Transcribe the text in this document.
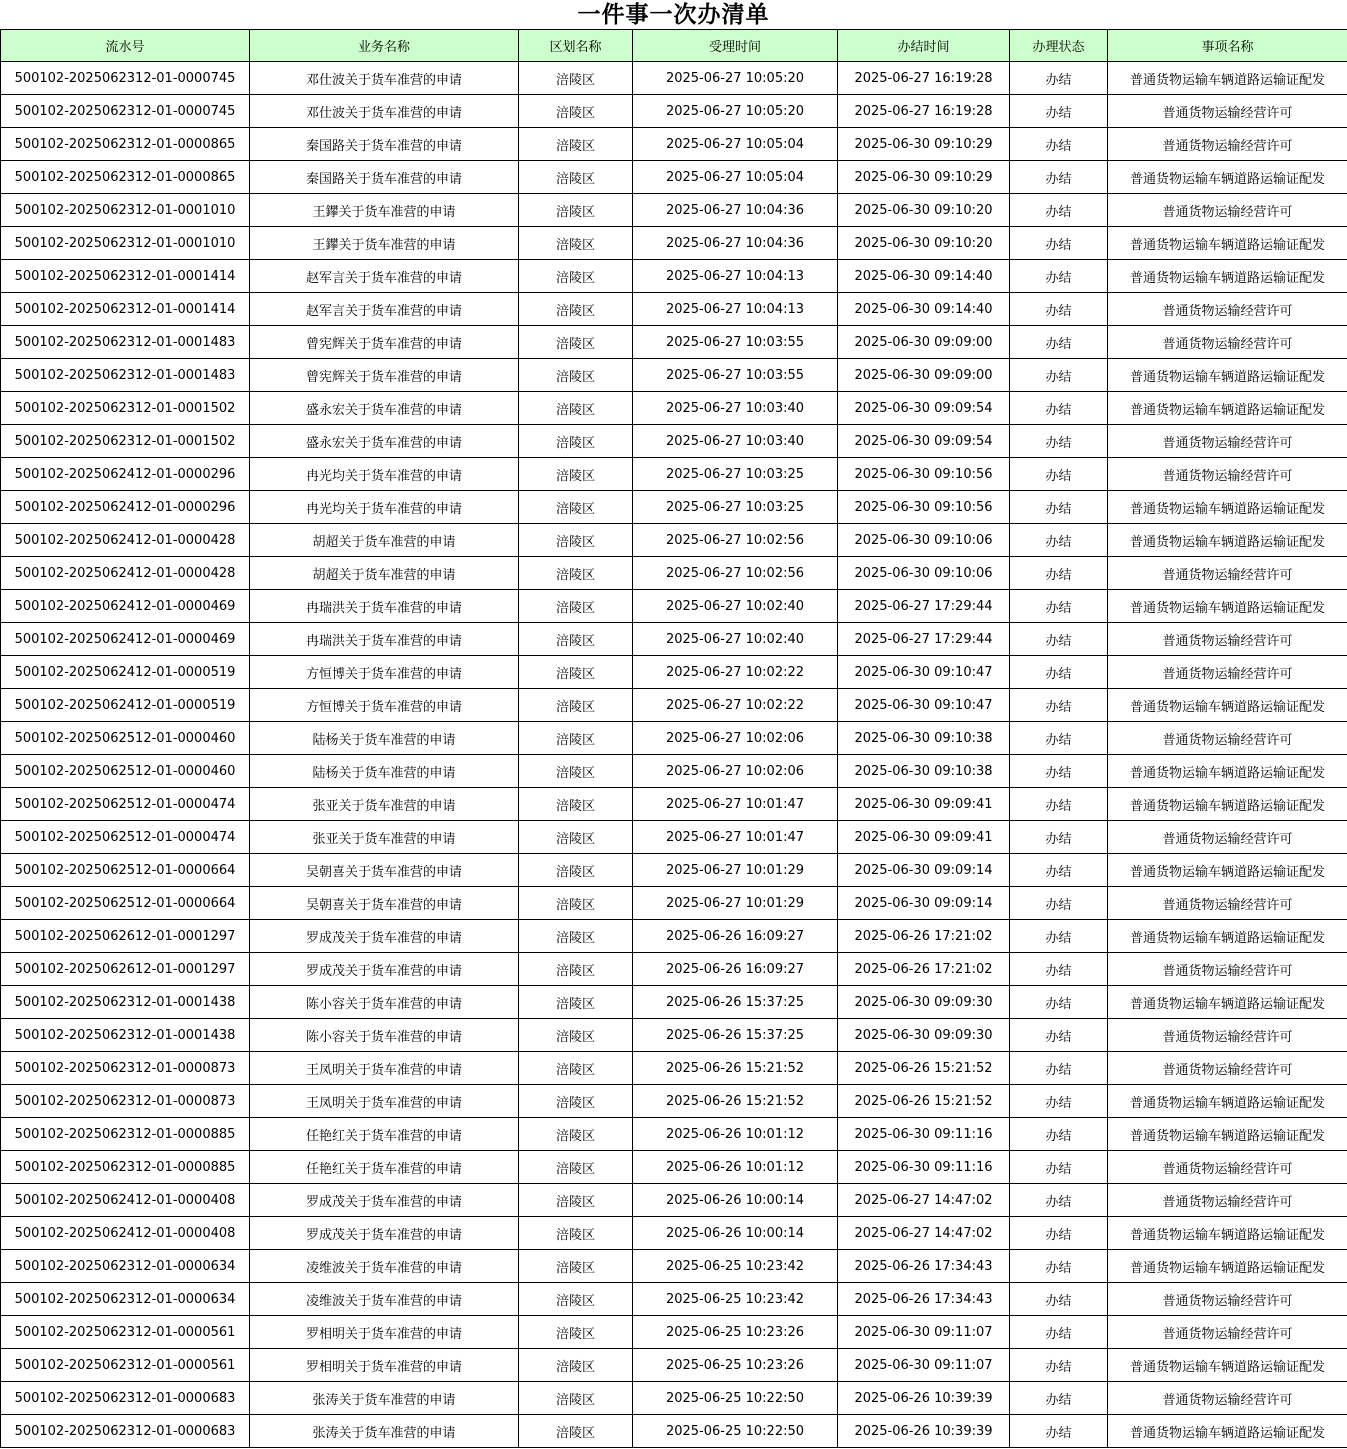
一件事一次办清单
流水号	业务名称	区划名称	受理时间	办结时间	办理状态	事项名称
500102-2025062312-01-0000745	邓仕波关于货车准营的申请	涪陵区	2025-06-27 10:05:20	2025-06-27 16:19:28	办结	普通货物运输车辆道路运输证配发
500102-2025062312-01-0000745	邓仕波关于货车准营的申请	涪陵区	2025-06-27 10:05:20	2025-06-27 16:19:28	办结	普通货物运输经营许可
500102-2025062312-01-0000865	秦国路关于货车准营的申请	涪陵区	2025-06-27 10:05:04	2025-06-30 09:10:29	办结	普通货物运输经营许可
500102-2025062312-01-0000865	秦国路关于货车准营的申请	涪陵区	2025-06-27 10:05:04	2025-06-30 09:10:29	办结	普通货物运输车辆道路运输证配发
500102-2025062312-01-0001010	王鑻关于货车准营的申请	涪陵区	2025-06-27 10:04:36	2025-06-30 09:10:20	办结	普通货物运输经营许可
500102-2025062312-01-0001010	王鑻关于货车准营的申请	涪陵区	2025-06-27 10:04:36	2025-06-30 09:10:20	办结	普通货物运输车辆道路运输证配发
500102-2025062312-01-0001414	赵军言关于货车准营的申请	涪陵区	2025-06-27 10:04:13	2025-06-30 09:14:40	办结	普通货物运输车辆道路运输证配发
500102-2025062312-01-0001414	赵军言关于货车准营的申请	涪陵区	2025-06-27 10:04:13	2025-06-30 09:14:40	办结	普通货物运输经营许可
500102-2025062312-01-0001483	曾宪辉关于货车准营的申请	涪陵区	2025-06-27 10:03:55	2025-06-30 09:09:00	办结	普通货物运输经营许可
500102-2025062312-01-0001483	曾宪辉关于货车准营的申请	涪陵区	2025-06-27 10:03:55	2025-06-30 09:09:00	办结	普通货物运输车辆道路运输证配发
500102-2025062312-01-0001502	盛永宏关于货车准营的申请	涪陵区	2025-06-27 10:03:40	2025-06-30 09:09:54	办结	普通货物运输车辆道路运输证配发
500102-2025062312-01-0001502	盛永宏关于货车准营的申请	涪陵区	2025-06-27 10:03:40	2025-06-30 09:09:54	办结	普通货物运输经营许可
500102-2025062412-01-0000296	冉光均关于货车准营的申请	涪陵区	2025-06-27 10:03:25	2025-06-30 09:10:56	办结	普通货物运输经营许可
500102-2025062412-01-0000296	冉光均关于货车准营的申请	涪陵区	2025-06-27 10:03:25	2025-06-30 09:10:56	办结	普通货物运输车辆道路运输证配发
500102-2025062412-01-0000428	胡超关于货车准营的申请	涪陵区	2025-06-27 10:02:56	2025-06-30 09:10:06	办结	普通货物运输车辆道路运输证配发
500102-2025062412-01-0000428	胡超关于货车准营的申请	涪陵区	2025-06-27 10:02:56	2025-06-30 09:10:06	办结	普通货物运输经营许可
500102-2025062412-01-0000469	冉瑞洪关于货车准营的申请	涪陵区	2025-06-27 10:02:40	2025-06-27 17:29:44	办结	普通货物运输车辆道路运输证配发
500102-2025062412-01-0000469	冉瑞洪关于货车准营的申请	涪陵区	2025-06-27 10:02:40	2025-06-27 17:29:44	办结	普通货物运输经营许可
500102-2025062412-01-0000519	方恒博关于货车准营的申请	涪陵区	2025-06-27 10:02:22	2025-06-30 09:10:47	办结	普通货物运输经营许可
500102-2025062412-01-0000519	方恒博关于货车准营的申请	涪陵区	2025-06-27 10:02:22	2025-06-30 09:10:47	办结	普通货物运输车辆道路运输证配发
500102-2025062512-01-0000460	陆杨关于货车准营的申请	涪陵区	2025-06-27 10:02:06	2025-06-30 09:10:38	办结	普通货物运输经营许可
500102-2025062512-01-0000460	陆杨关于货车准营的申请	涪陵区	2025-06-27 10:02:06	2025-06-30 09:10:38	办结	普通货物运输车辆道路运输证配发
500102-2025062512-01-0000474	张亚关于货车准营的申请	涪陵区	2025-06-27 10:01:47	2025-06-30 09:09:41	办结	普通货物运输车辆道路运输证配发
500102-2025062512-01-0000474	张亚关于货车准营的申请	涪陵区	2025-06-27 10:01:47	2025-06-30 09:09:41	办结	普通货物运输经营许可
500102-2025062512-01-0000664	吴朝喜关于货车准营的申请	涪陵区	2025-06-27 10:01:29	2025-06-30 09:09:14	办结	普通货物运输车辆道路运输证配发
500102-2025062512-01-0000664	吴朝喜关于货车准营的申请	涪陵区	2025-06-27 10:01:29	2025-06-30 09:09:14	办结	普通货物运输经营许可
500102-2025062612-01-0001297	罗成茂关于货车准营的申请	涪陵区	2025-06-26 16:09:27	2025-06-26 17:21:02	办结	普通货物运输车辆道路运输证配发
500102-2025062612-01-0001297	罗成茂关于货车准营的申请	涪陵区	2025-06-26 16:09:27	2025-06-26 17:21:02	办结	普通货物运输经营许可
500102-2025062312-01-0001438	陈小容关于货车准营的申请	涪陵区	2025-06-26 15:37:25	2025-06-30 09:09:30	办结	普通货物运输车辆道路运输证配发
500102-2025062312-01-0001438	陈小容关于货车准营的申请	涪陵区	2025-06-26 15:37:25	2025-06-30 09:09:30	办结	普通货物运输经营许可
500102-2025062312-01-0000873	王凤明关于货车准营的申请	涪陵区	2025-06-26 15:21:52	2025-06-26 15:21:52	办结	普通货物运输经营许可
500102-2025062312-01-0000873	王凤明关于货车准营的申请	涪陵区	2025-06-26 15:21:52	2025-06-26 15:21:52	办结	普通货物运输车辆道路运输证配发
500102-2025062312-01-0000885	任艳红关于货车准营的申请	涪陵区	2025-06-26 10:01:12	2025-06-30 09:11:16	办结	普通货物运输车辆道路运输证配发
500102-2025062312-01-0000885	任艳红关于货车准营的申请	涪陵区	2025-06-26 10:01:12	2025-06-30 09:11:16	办结	普通货物运输经营许可
500102-2025062412-01-0000408	罗成茂关于货车准营的申请	涪陵区	2025-06-26 10:00:14	2025-06-27 14:47:02	办结	普通货物运输经营许可
500102-2025062412-01-0000408	罗成茂关于货车准营的申请	涪陵区	2025-06-26 10:00:14	2025-06-27 14:47:02	办结	普通货物运输车辆道路运输证配发
500102-2025062312-01-0000634	凌维波关于货车准营的申请	涪陵区	2025-06-25 10:23:42	2025-06-26 17:34:43	办结	普通货物运输车辆道路运输证配发
500102-2025062312-01-0000634	凌维波关于货车准营的申请	涪陵区	2025-06-25 10:23:42	2025-06-26 17:34:43	办结	普通货物运输经营许可
500102-2025062312-01-0000561	罗相明关于货车准营的申请	涪陵区	2025-06-25 10:23:26	2025-06-30 09:11:07	办结	普通货物运输经营许可
500102-2025062312-01-0000561	罗相明关于货车准营的申请	涪陵区	2025-06-25 10:23:26	2025-06-30 09:11:07	办结	普通货物运输车辆道路运输证配发
500102-2025062312-01-0000683	张涛关于货车准营的申请	涪陵区	2025-06-25 10:22:50	2025-06-26 10:39:39	办结	普通货物运输经营许可
500102-2025062312-01-0000683	张涛关于货车准营的申请	涪陵区	2025-06-25 10:22:50	2025-06-26 10:39:39	办结	普通货物运输车辆道路运输证配发
